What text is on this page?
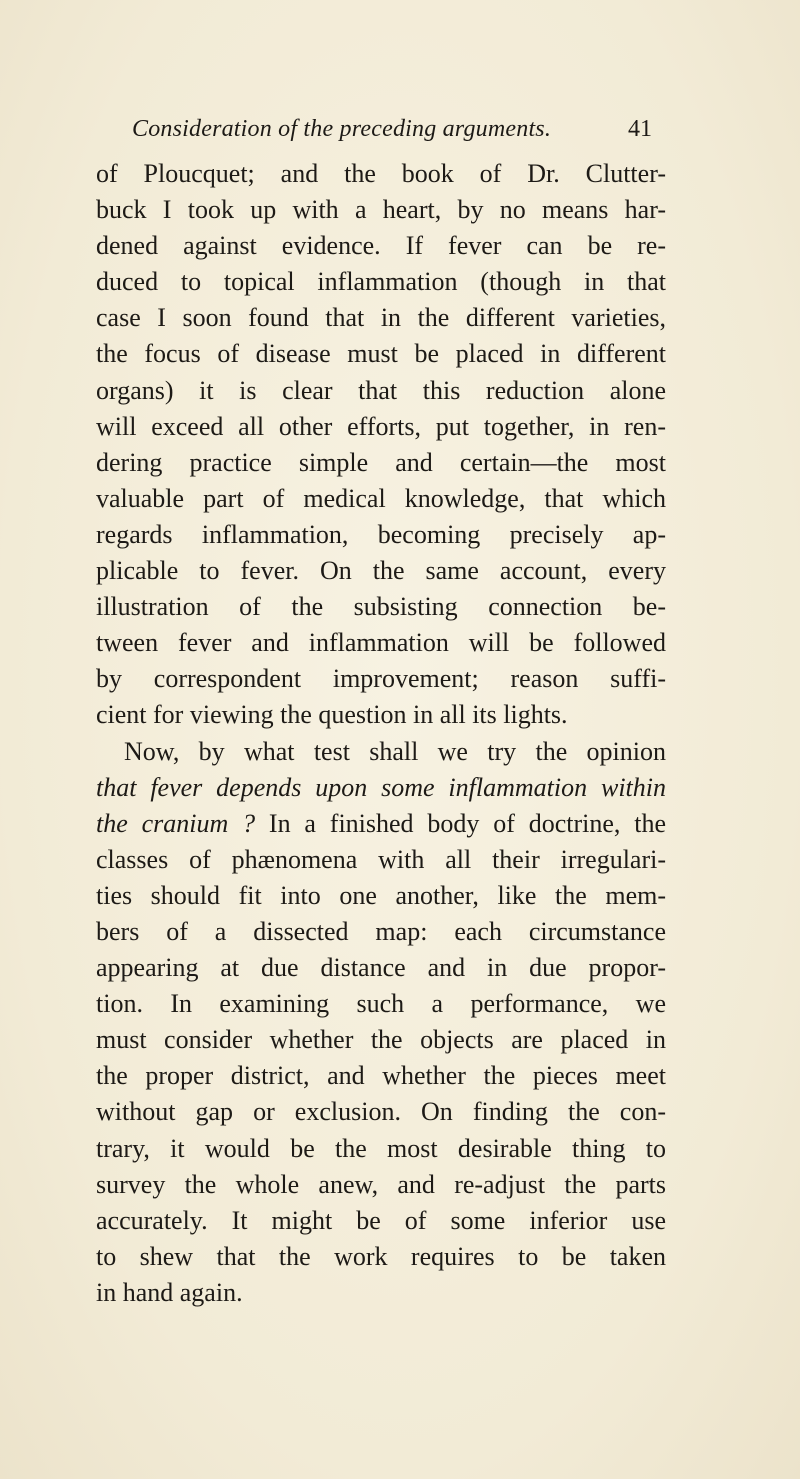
Consideration of the preceding arguments.	41
of Ploucquet; and the book of Dr. Clutter-
buck I took up with a heart, by no means har-
dened against evidence. If fever can be re-
duced to topical inflammation (though in that
case I soon found that in the different varieties,
the focus of disease must be placed in different
organs) it is clear that this reduction alone
will exceed all other efforts, put together, in ren-
dering practice simple and certain—the most
valuable part of medical knowledge, that which
regards inflammation, becoming precisely ap-
plicable to fever. On the same account, every
illustration of the subsisting connection be-
tween fever and inflammation will be followed
by correspondent improvement; reason suffi-
cient for viewing the question in all its lights.
Now, by what test shall we try the opinion
that fever depends upon some inflammation within
the cranium ? In a finished body of doctrine, the
classes of phænomena with all their irregulari-
ties should fit into one another, like the mem-
bers of a dissected map: each circumstance
appearing at due distance and in due propor-
tion. In examining such a performance, we
must consider whether the objects are placed in
the proper district, and whether the pieces meet
without gap or exclusion. On finding the con-
trary, it would be the most desirable thing to
survey the whole anew, and re-adjust the parts
accurately. It might be of some inferior use
to shew that the work requires to be taken
in hand again.
